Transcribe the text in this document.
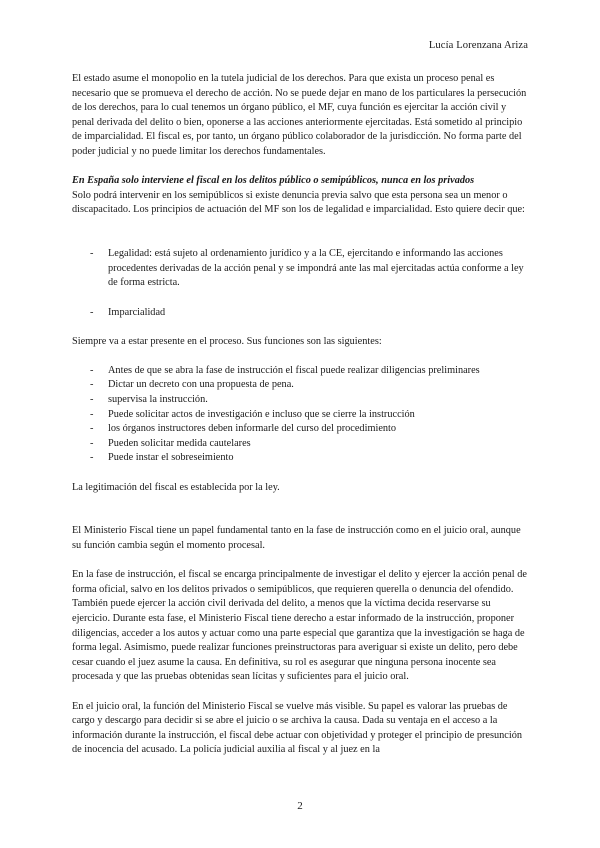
Lucía Lorenzana Ariza

El estado asume el monopolio en la tutela judicial de los derechos. Para que exista un proceso penal es necesario que se promueva el derecho de acción. No se puede dejar en mano de los particulares la persecución de los derechos, para lo cual tenemos un órgano público, el MF, cuya función es ejercitar la acción civil y penal derivada del delito o bien, oponerse a las acciones anteriormente ejercitadas. Está sometido al principio de imparcialidad. El fiscal es, por tanto, un órgano público colaborador de la jurisdicción. No forma parte del poder judicial y no puede limitar los derechos fundamentales.

En España solo interviene el fiscal en los delitos público o semipúblicos, nunca en los privados

Solo podrá intervenir en los semipúblicos si existe denuncia previa salvo que esta persona sea un menor o discapacitado. Los principios de actuación del MF son los de legalidad e imparcialidad. Esto quiere decir que:

- Legalidad: está sujeto al ordenamiento jurídico y a la CE, ejercitando e informando las acciones procedentes derivadas de la acción penal y se impondrá ante las mal ejercitadas actúa conforme a ley de forma estricta.
- Imparcialidad

Siempre va a estar presente en el proceso. Sus funciones son las siguientes:

- Antes de que se abra la fase de instrucción el fiscal puede realizar diligencias preliminares
- Dictar un decreto con una propuesta de pena.
- supervisa la instrucción.
- Puede solicitar actos de investigación e incluso que se cierre la instrucción
- los órganos instructores deben informarle del curso del procedimiento
- Pueden solicitar medida cautelares
- Puede instar el sobreseimiento

La legitimación del fiscal es establecida por la ley.

El Ministerio Fiscal tiene un papel fundamental tanto en la fase de instrucción como en el juicio oral, aunque su función cambia según el momento procesal.

En la fase de instrucción, el fiscal se encarga principalmente de investigar el delito y ejercer la acción penal de forma oficial, salvo en los delitos privados o semipúblicos, que requieren querella o denuncia del ofendido. También puede ejercer la acción civil derivada del delito, a menos que la víctima decida reservarse su ejercicio. Durante esta fase, el Ministerio Fiscal tiene derecho a estar informado de la instrucción, proponer diligencias, acceder a los autos y actuar como una parte especial que garantiza que la investigación se haga de forma legal. Asimismo, puede realizar funciones preinstructoras para averiguar si existe un delito, pero debe cesar cuando el juez asume la causa. En definitiva, su rol es asegurar que ninguna persona inocente sea procesada y que las pruebas obtenidas sean lícitas y suficientes para el juicio oral.

En el juicio oral, la función del Ministerio Fiscal se vuelve más visible. Su papel es valorar las pruebas de cargo y descargo para decidir si se abre el juicio o se archiva la causa. Dada su ventaja en el acceso a la información durante la instrucción, el fiscal debe actuar con objetividad y proteger el principio de presunción de inocencia del acusado. La policía judicial auxilia al fiscal y al juez en la

2
